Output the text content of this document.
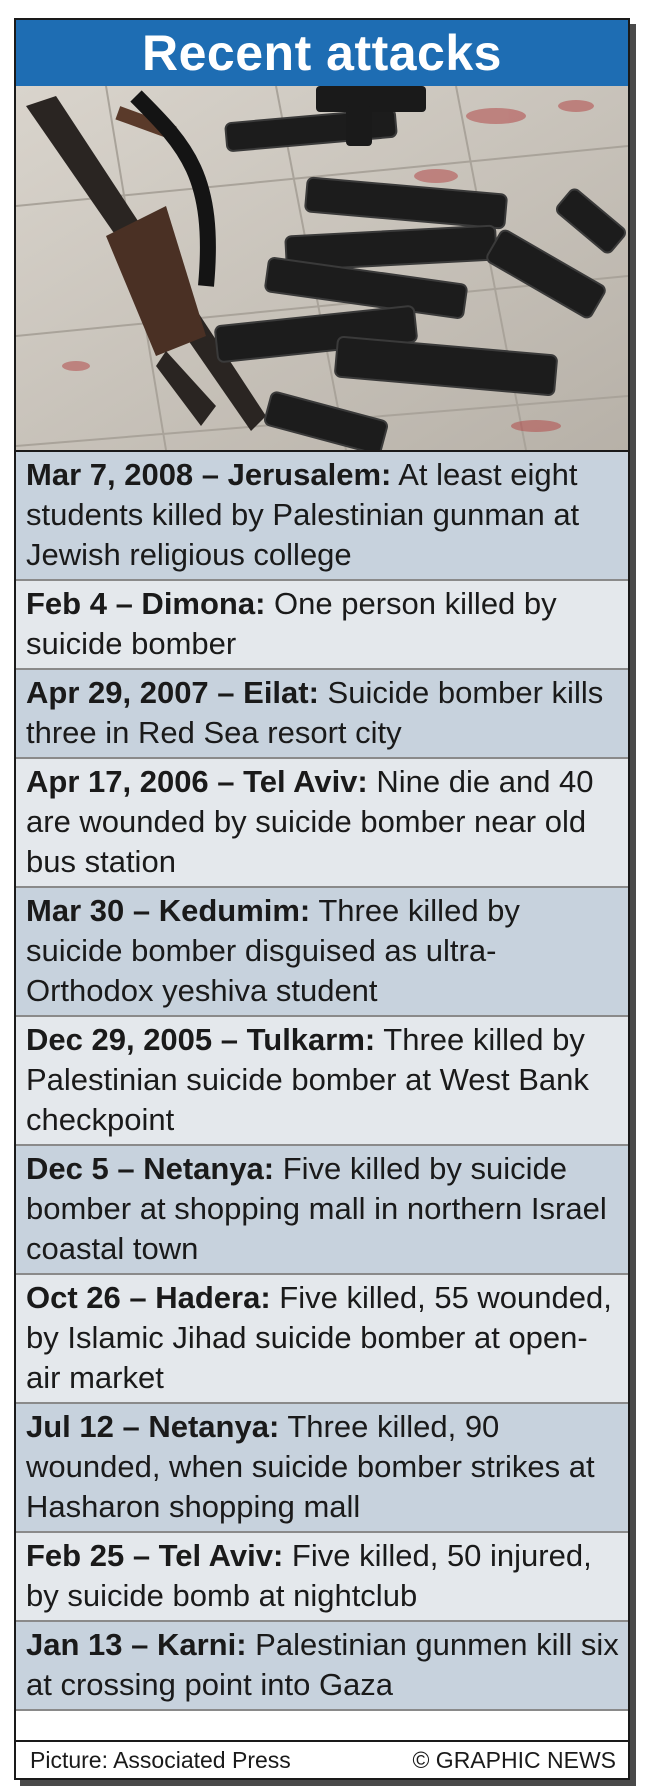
Recent attacks
Mar 7, 2008 – Jerusalem: At least eight students killed by Palestinian gunman at Jewish religious college
Feb 4 – Dimona: One person killed by suicide bomber
Apr 29, 2007 – Eilat: Suicide bomber kills three in Red Sea resort city
Apr 17, 2006 – Tel Aviv: Nine die and 40 are wounded by suicide bomber near old bus station
Mar 30 – Kedumim: Three killed by suicide bomber disguised as ultra-Orthodox yeshiva student
Dec 29, 2005 – Tulkarm: Three killed by Palestinian suicide bomber at West Bank checkpoint
Dec 5 – Netanya: Five killed by suicide bomber at shopping mall in northern Israel coastal town
Oct 26 – Hadera: Five killed, 55 wounded, by Islamic Jihad suicide bomber at open-air market
Jul 12 – Netanya: Three killed, 90 wounded, when suicide bomber strikes at Hasharon shopping mall
Feb 25 – Tel Aviv: Five killed, 50 injured, by suicide bomb at nightclub
Jan 13 – Karni: Palestinian gunmen kill six at crossing point into Gaza
Picture: Associated Press	© GRAPHIC NEWS
